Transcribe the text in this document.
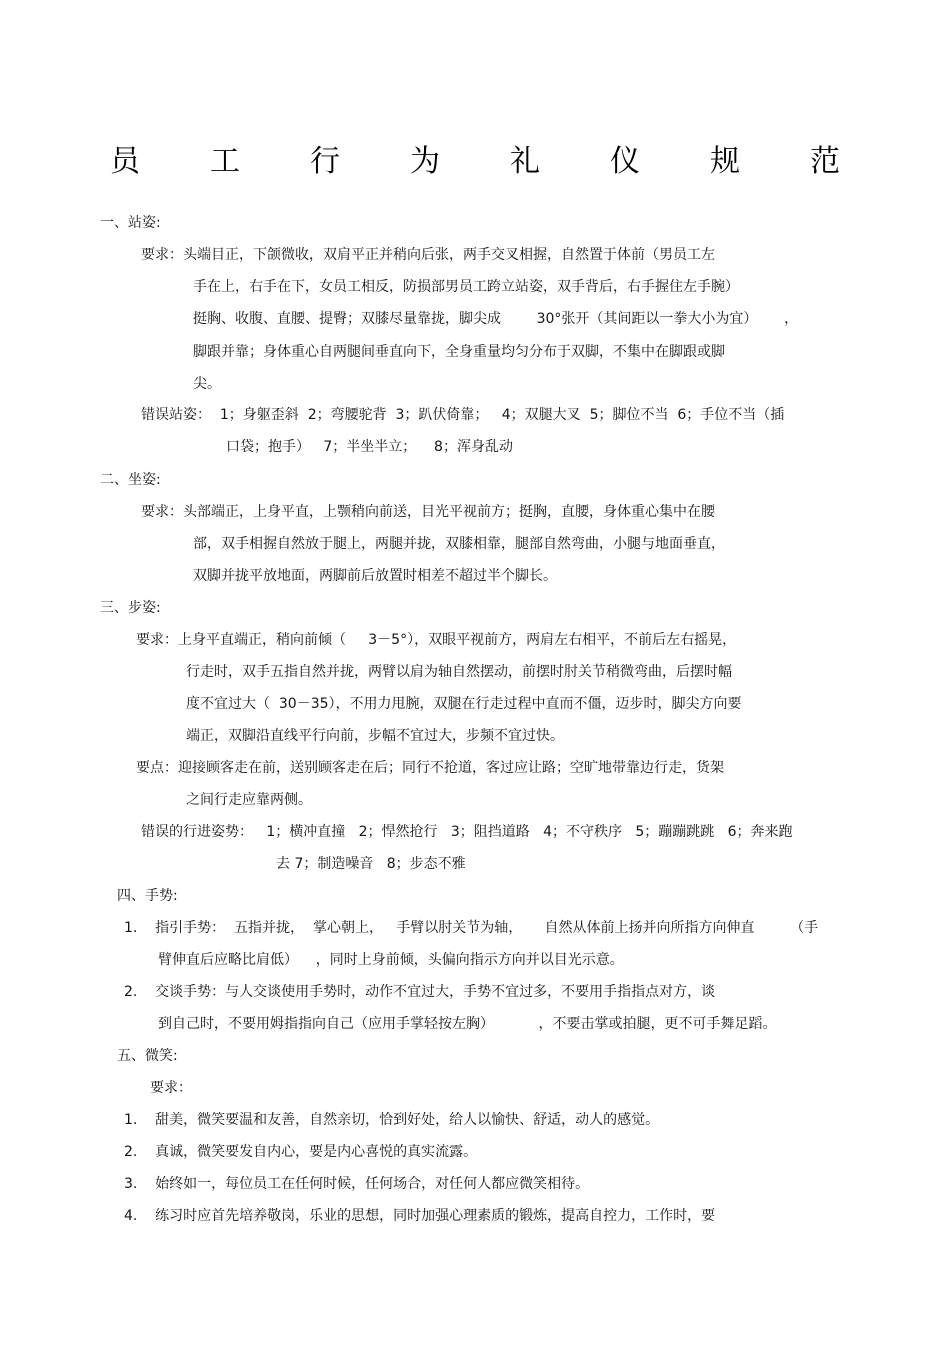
员 工 行 为 礼 仪 规 范
一、站姿:
要求：头端目正，下颌微收，双肩平正并稍向后张，两手交叉相握，自然置于体前（男员工左
手在上，右手在下，女员工相反，防损部男员工跨立站姿，双手背后，右手握住左手腕）
挺胸、收腹、直腰、提臀；双膝尽量靠拢，脚尖成        30°张开（其间距以一拳大小为宜）      ，
脚跟并靠；身体重心自两腿间垂直向下，全身重量均匀分布于双脚，不集中在脚跟或脚
尖。
错误站姿：  1；身躯歪斜  2；弯腰驼背  3；趴伏倚靠；   4；双腿大叉  5；脚位不当  6；手位不当（插
口袋；抱手）   7；半坐半立；    8；浑身乱动
二、坐姿:
要求：头部端正，上身平直，上颚稍向前送，目光平视前方；挺胸，直腰，身体重心集中在腰
部，双手相握自然放于腿上，两腿并拢，双膝相靠，腿部自然弯曲，小腿与地面垂直，
双脚并拢平放地面，两脚前后放置时相差不超过半个脚长。
三、步姿:
要求：上身平直端正，稍向前倾（     3－5°），双眼平视前方，两肩左右相平，不前后左右摇晃，
行走时，双手五指自然并拢，两臂以肩为轴自然摆动，前摆时肘关节稍微弯曲，后摆时幅
度不宜过大（  30－35），不用力甩腕，双腿在行走过程中直而不僵，迈步时，脚尖方向要
端正，双脚沿直线平行向前，步幅不宜过大，步频不宜过快。
要点：迎接顾客走在前，送别顾客走在后；同行不抢道，客过应让路；空旷地带靠边行走，货架
之间行走应靠两侧。
错误的行进姿势：   1；横冲直撞   2；悍然抢行   3；阻挡道路   4；不守秩序   5；蹦蹦跳跳   6；奔来跑
去 7；制造噪音   8；步态不雅
四、手势:
1.    指引手势：  五指并拢，  掌心朝上，   手臂以肘关节为轴，     自然从体前上扬并向所指方向伸直        （手
臂伸直后应略比肩低）    ，同时上身前倾，头偏向指示方向并以目光示意。
2.    交谈手势：与人交谈使用手势时，动作不宜过大，手势不宜过多，不要用手指指点对方，谈
到自己时，不要用姆指指向自己（应用手掌轻按左胸）          ，不要击掌或拍腿，更不可手舞足蹈。
五、微笑:
要求：
1.    甜美，微笑要温和友善，自然亲切，恰到好处，给人以愉快、舒适，动人的感觉。
2.    真诚，微笑要发自内心，要是内心喜悦的真实流露。
3.    始终如一，每位员工在任何时候，任何场合，对任何人都应微笑相待。
4.    练习时应首先培养敬岗，乐业的思想，同时加强心理素质的锻炼，提高自控力，工作时，要
